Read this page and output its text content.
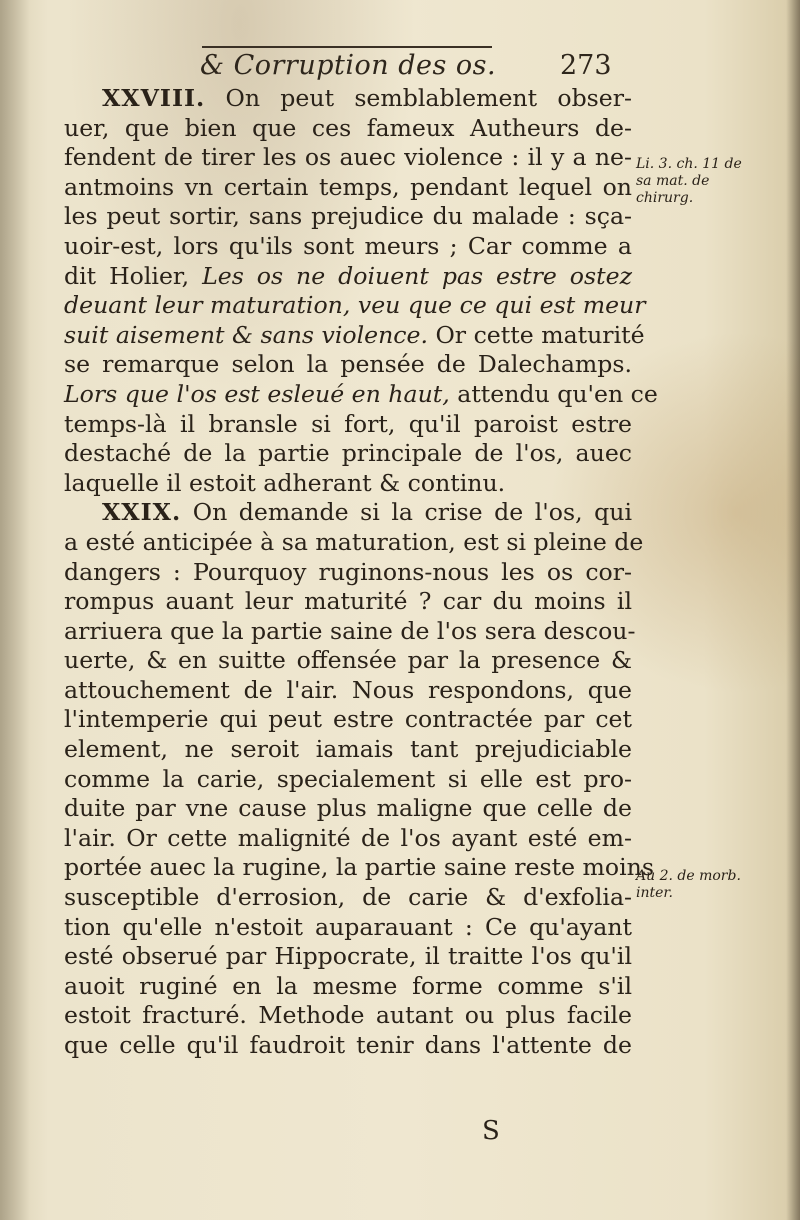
& Corruption des os. 273
XXVIII. On peut semblablement obser-
uer, que bien que ces fameux Autheurs de-
fendent de tirer les os auec violence : il y a ne-
antmoins vn certain temps, pendant lequel on
les peut sortir, sans prejudice du malade : sça-
uoir-est, lors qu'ils sont meurs ; Car comme a
dit Holier, Les os ne doiuent pas estre ostez
deuant leur maturation, veu que ce qui est meur
suit aisement & sans violence. Or cette maturité
se remarque selon la pensée de Dalechamps.
Lors que l'os est esleué en haut, attendu qu'en ce
temps-là il bransle si fort, qu'il paroist estre
destaché de la partie principale de l'os, auec
laquelle il estoit adherant & continu.
XXIX. On demande si la crise de l'os, qui
a esté anticipée à sa maturation, est si pleine de
dangers : Pourquoy ruginons-nous les os cor-
rompus auant leur maturité ? car du moins il
arriuera que la partie saine de l'os sera descou-
uerte, & en suitte offensée par la presence &
attouchement de l'air. Nous respondons, que
l'intemperie qui peut estre contractée par cet
element, ne seroit iamais tant prejudiciable
comme la carie, specialement si elle est pro-
duite par vne cause plus maligne que celle de
l'air. Or cette malignité de l'os ayant esté em-
portée auec la rugine, la partie saine reste moins
susceptible d'errosion, de carie & d'exfolia-
tion qu'elle n'estoit auparauant : Ce qu'ayant
esté obserué par Hippocrate, il traitte l'os qu'il
auoit ruginé en la mesme forme comme s'il
estoit fracturé. Methode autant ou plus facile
que celle qu'il faudroit tenir dans l'attente de
Li. 3. ch. 11 de sa mat. de chirurg.
Au 2. de morb. inter.
S
